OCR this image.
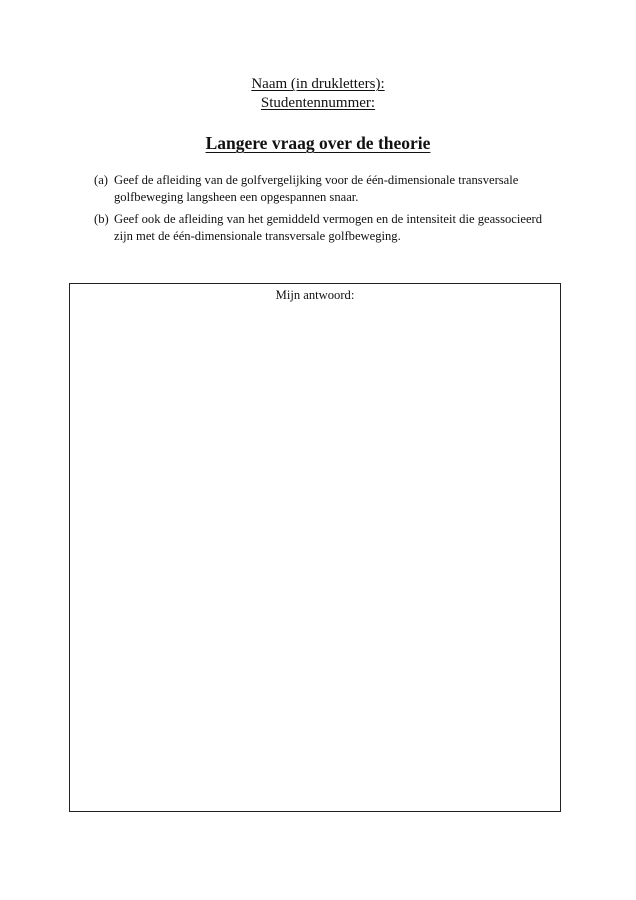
Naam (in drukletters):
Studentennummer:
Langere vraag over de theorie
(a) Geef de afleiding van de golfvergelijking voor de één-dimensionale transversale golfbeweging langsheen een opgespannen snaar.
(b) Geef ook de afleiding van het gemiddeld vermogen en de intensiteit die geassocieerd zijn met de één-dimensionale transversale golfbeweging.
Mijn antwoord:
